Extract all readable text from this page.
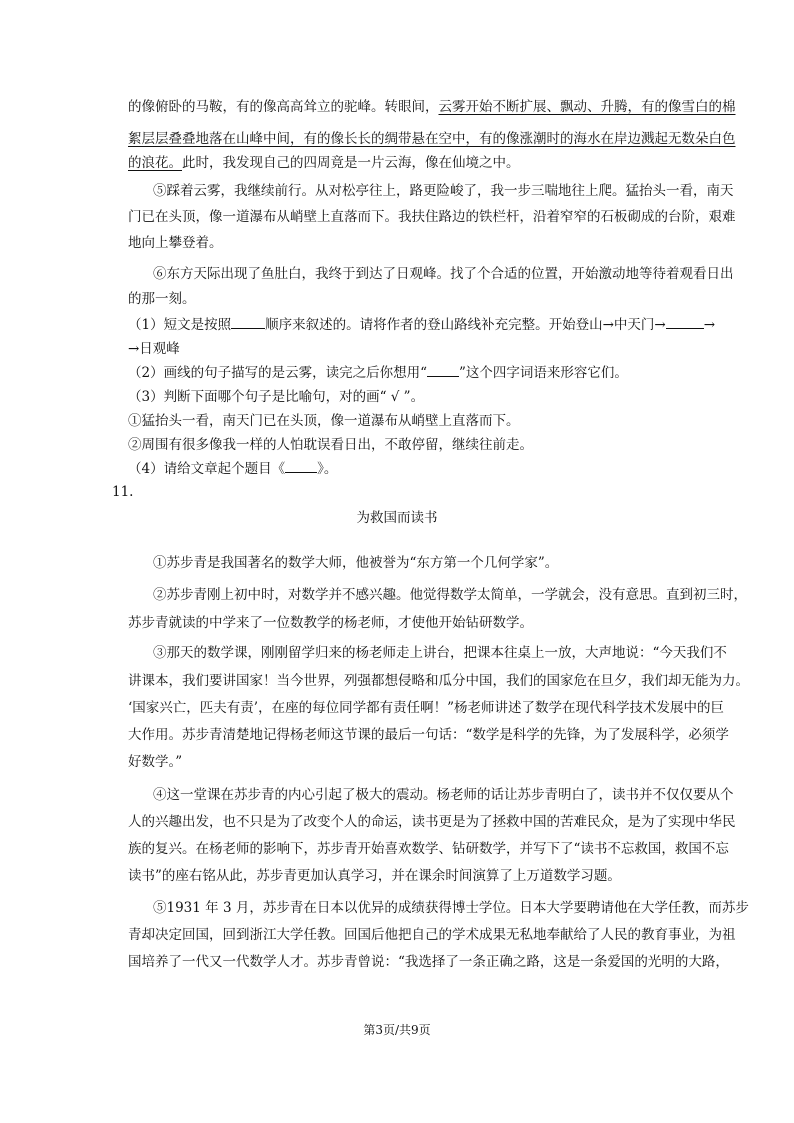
的像俯卧的马鞍，有的像高高耸立的驼峰。转眼间，云雾开始不断扩展、飘动、升腾，有的像雪白的棉
絮层层叠叠地落在山峰中间，有的像长长的绸带悬在空中，有的像涨潮时的海水在岸边溅起无数朵白色
的浪花。此时，我发现自己的四周竟是一片云海，像在仙境之中。
⑤踩着云雾，我继续前行。从对松亭往上，路更险峻了，我一步三喘地往上爬。猛抬头一看，南天
门已在头顶，像一道瀑布从峭壁上直落而下。我扶住路边的铁栏杆，沿着窄窄的石板砌成的台阶，艰难
地向上攀登着。
⑥东方天际出现了鱼肚白，我终于到达了日观峰。找了个合适的位置，开始激动地等待着观看日出
的那一刻。
（1）短文是按照	顺序来叙述的。请将作者的登山路线补充完整。开始登山→中天门→	→
→日观峰
（2）画线的句子描写的是云雾，读完之后你想用“ ”这个四字词语来形容它们。
（3）判断下面哪个句子是比喻句，对的画“ √ ”。
①猛抬头一看，南天门已在头顶，像一道瀑布从峭壁上直落而下。
②周围有很多像我一样的人怕耽误看日出，不敢停留，继续往前走。
（4）请给文章起个题目《 》。
11.
为救国而读书
①苏步青是我国著名的数学大师，他被誉为“东方第一个几何学家”。
②苏步青刚上初中时，对数学并不感兴趣。他觉得数学太简单，一学就会，没有意思。直到初三时，
苏步青就读的中学来了一位数教学的杨老师，才使他开始钻研数学。
③那天的数学课，刚刚留学归来的杨老师走上讲台，把课本往桌上一放，大声地说：“今天我们不
讲课本，我们要讲国家！当今世界，列强都想侵略和瓜分中国，我们的国家危在旦夕，我们却无能为力。
‘国家兴亡，匹夫有责’，在座的每位同学都有责任啊！”杨老师讲述了数学在现代科学技术发展中的巨
大作用。苏步青清楚地记得杨老师这节课的最后一句话：“数学是科学的先锋，为了发展科学，必须学
好数学。”
④这一堂课在苏步青的内心引起了极大的震动。杨老师的话让苏步青明白了，读书并不仅仅要从个
人的兴趣出发，也不只是为了改变个人的命运，读书更是为了拯救中国的苦难民众，是为了实现中华民
族的复兴。在杨老师的影响下，苏步青开始喜欢数学、钻研数学，并写下了“读书不忘救国，救国不忘
读书”的座右铭从此，苏步青更加认真学习，并在课余时间演算了上万道数学习题。
⑤1931 年 3 月，苏步青在日本以优异的成绩获得博士学位。日本大学要聘请他在大学任教，而苏步
青却决定回国，回到浙江大学任教。回国后他把自己的学术成果无私地奉献给了人民的教育事业，为祖
国培养了一代又一代数学人才。苏步青曾说：“我选择了一条正确之路，这是一条爱国的光明的大路，
第3页/共9页
